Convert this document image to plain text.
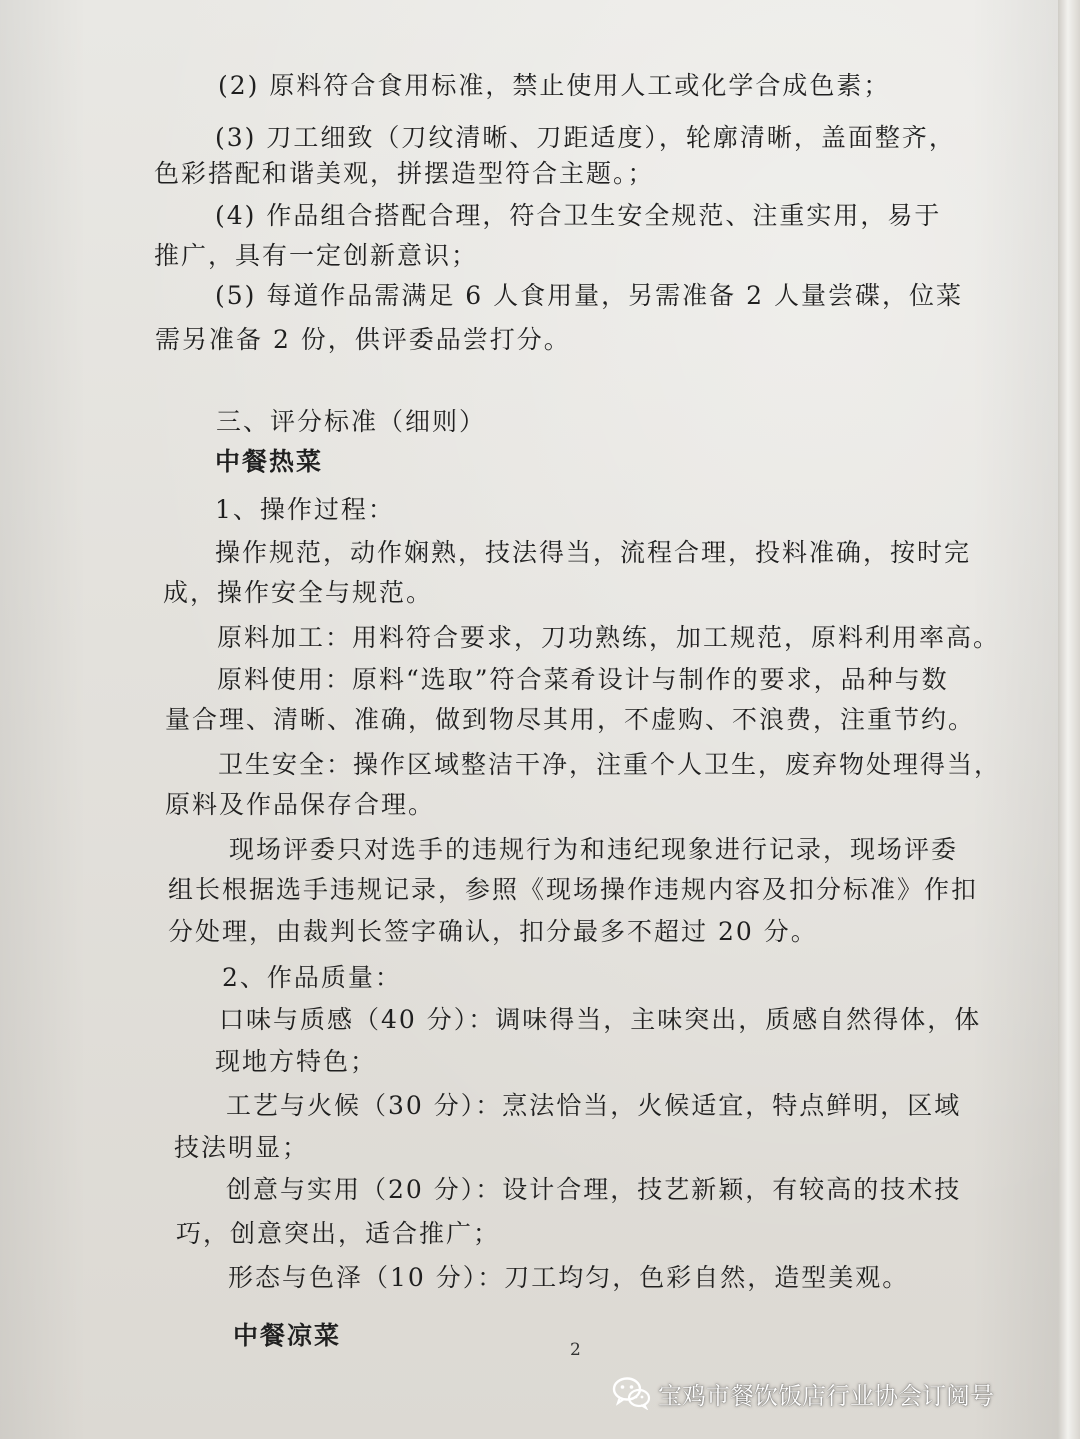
(2) 原料符合食用标准，禁止使用人工或化学合成色素；
(3) 刀工细致（刀纹清晰、刀距适度），轮廓清晰，盖面整齐，
色彩搭配和谐美观，拼摆造型符合主题。；
(4) 作品组合搭配合理，符合卫生安全规范、注重实用，易于
推广，具有一定创新意识；
(5) 每道作品需满足 6 人食用量，另需准备 2 人量尝碟，位菜
需另准备 2 份，供评委品尝打分。
三、评分标准（细则）
中餐热菜
1、操作过程：
操作规范，动作娴熟，技法得当，流程合理，投料准确，按时完
成，操作安全与规范。
原料加工：用料符合要求，刀功熟练，加工规范，原料利用率高。
原料使用：原料“选取”符合菜肴设计与制作的要求，品种与数
量合理、清晰、准确，做到物尽其用，不虚购、不浪费，注重节约。
卫生安全：操作区域整洁干净，注重个人卫生，废弃物处理得当，
原料及作品保存合理。
现场评委只对选手的违规行为和违纪现象进行记录，现场评委
组长根据选手违规记录，参照《现场操作违规内容及扣分标准》作扣
分处理，由裁判长签字确认，扣分最多不超过 20 分。
2、作品质量：
口味与质感（40 分）：调味得当，主味突出，质感自然得体，体
现地方特色；
工艺与火候（30 分）：烹法恰当，火候适宜，特点鲜明，区域
技法明显；
创意与实用（20 分）：设计合理，技艺新颖，有较高的技术技
巧，创意突出，适合推广；
形态与色泽（10 分）：刀工均匀，色彩自然，造型美观。
中餐凉菜	2
宝鸡市餐饮饭店行业协会订阅号
